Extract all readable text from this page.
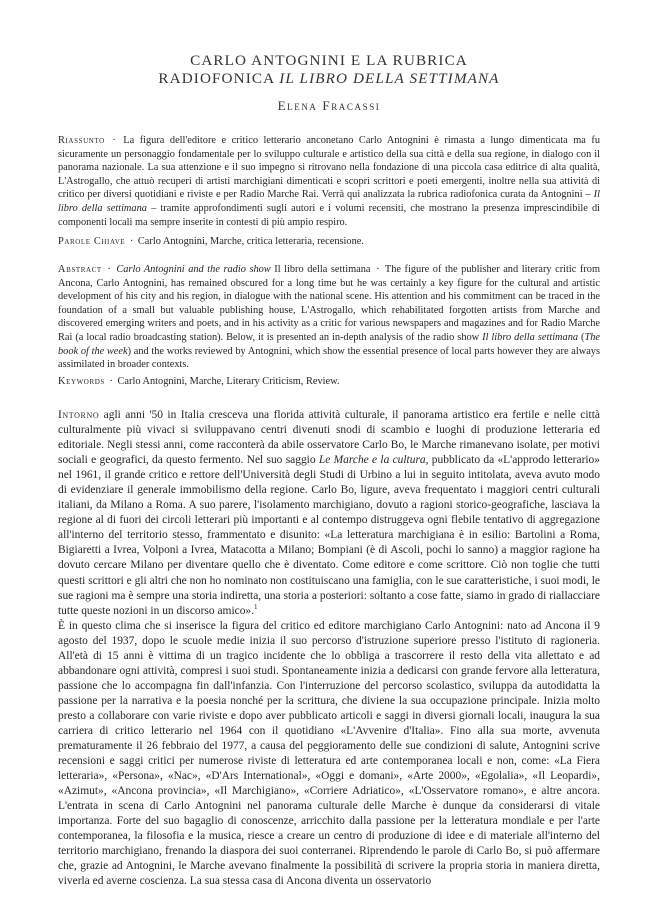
CARLO ANTOGNINI E LA RUBRICA
RADIOFONICA IL LIBRO DELLA SETTIMANA
Elena Fracassi
Riassunto · La figura dell'editore e critico letterario anconetano Carlo Antognini è rimasta a lungo dimenticata ma fu sicuramente un personaggio fondamentale per lo sviluppo culturale e artistico della sua città e della sua regione, in dialogo con il panorama nazionale. La sua attenzione e il suo impegno si ritrovano nella fondazione di una piccola casa editrice di alta qualità, L'Astrogallo, che attuò recuperi di artisti marchigiani dimenticati e scoprì scrittori e poeti emergenti, inoltre nella sua attività di critico per diversi quotidiani e riviste e per Radio Marche Rai. Verrà qui analizzata la rubrica radiofonica curata da Antognini – Il libro della settimana – tramite approfondimenti sugli autori e i volumi recensiti, che mostrano la presenza imprescindibile di componenti locali ma sempre inserite in contesti di più ampio respiro.
Parole Chiave · Carlo Antognini, Marche, critica letteraria, recensione.
Abstract · Carlo Antognini and the radio show Il libro della settimana · The figure of the publisher and literary critic from Ancona, Carlo Antognini, has remained obscured for a long time but he was certainly a key figure for the cultural and artistic development of his city and his region, in dialogue with the national scene. His attention and his commitment can be traced in the foundation of a small but valuable publishing house, L'Astrogallo, which rehabilitated forgotten artists from Marche and discovered emerging writers and poets, and in his activity as a critic for various newspapers and magazines and for Radio Marche Rai (a local radio broadcasting station). Below, it is presented an in-depth analysis of the radio show Il libro della settimana (The book of the week) and the works reviewed by Antognini, which show the essential presence of local parts however they are always assimilated in broader contexts.
Keywords · Carlo Antognini, Marche, Literary Criticism, Review.

Intorno agli anni '50 in Italia cresceva una florida attività culturale, il panorama artistico era fertile e nelle città culturalmente più vivaci si sviluppavano centri divenuti snodi di scambio e luoghi di produzione letteraria ed editoriale. Negli stessi anni, come racconterà da abile osservatore Carlo Bo, le Marche rimanevano isolate, per motivi sociali e geografici, da questo fermento. Nel suo saggio Le Marche e la cultura, pubblicato da «L'approdo letterario» nel 1961, il grande critico e rettore dell'Università degli Studi di Urbino a lui in seguito intitolata, aveva avuto modo di evidenziare il generale immobilismo della regione. Carlo Bo, ligure, aveva frequentato i maggiori centri culturali italiani, da Milano a Roma. A suo parere, l'isolamento marchigiano, dovuto a ragioni storico-geografiche, lasciava la regione al di fuori dei circoli letterari più importanti e al contempo distruggeva ogni flebile tentativo di aggregazione all'interno del territorio stesso, frammentato e disunito: «La letteratura marchigiana è in esilio: Bartolini a Roma, Bigiaretti a Ivrea, Volponi a Ivrea, Matacotta a Milano; Bompiani (è di Ascoli, pochi lo sanno) a maggior ragione ha dovuto cercare Milano per diventare quello che è diventato. Come editore e come scrittore. Ciò non toglie che tutti questi scrittori e gli altri che non ho nominato non costituiscano una famiglia, con le sue caratteristiche, i suoi modi, le sue ragioni ma è sempre una storia indiretta, una storia a posteriori: soltanto a cose fatte, siamo in grado di riallacciare tutte queste nozioni in un discorso amico».$^1$

È in questo clima che si inserisce la figura del critico ed editore marchigiano Carlo Antognini: nato ad Ancona il 9 agosto del 1937, dopo le scuole medie inizia il suo percorso d'istruzione superiore presso l'istituto di ragioneria. All'età di 15 anni è vittima di un tragico incidente che lo obbliga a trascorrere il resto della vita allettato e ad abbandonare ogni attività, compresi i suoi studi. Spontaneamente inizia a dedicarsi con grande fervore alla letteratura, passione che lo accompagna fin dall'infanzia. Con l'interruzione del percorso scolastico, sviluppa da autodidatta la passione per la narrativa e la poesia nonché per la scrittura, che diviene la sua occupazione principale. Inizia molto presto a collaborare con varie riviste e dopo aver pubblicato articoli e saggi in diversi giornali locali, inaugura la sua carriera di critico letterario nel 1964 con il quotidiano «L'Avvenire d'Italia». Fino alla sua morte, avvenuta prematuramente il 26 febbraio del 1977, a causa del peggioramento delle sue condizioni di salute, Antognini scrive recensioni e saggi critici per numerose riviste di letteratura ed arte contemporanea locali e non, come: «La Fiera letteraria», «Persona», «Nac», «D'Ars International», «Oggi e domani», «Arte 2000», «Egolalia», «Il Leopardi», «Azimut», «Ancona provincia», «Il Marchigiano», «Corriere Adriatico», «L'Osservatore romano», e altre ancora. L'entrata in scena di Carlo Antognini nel panorama culturale delle Marche è dunque da considerarsi di vitale importanza. Forte del suo bagaglio di conoscenze, arricchito dalla passione per la letteratura mondiale e per l'arte contemporanea, la filosofia e la musica, riesce a creare un centro di produzione di idee e di materiale all'interno del territorio marchigiano, frenando la diaspora dei suoi conterranei. Riprendendo le parole di Carlo Bo, si può affermare che, grazie ad Antognini, le Marche avevano finalmente la possibilità di scrivere la propria storia in maniera diretta, viverla ed averne coscienza. La sua stessa casa di Ancona diventa un osservatorio
